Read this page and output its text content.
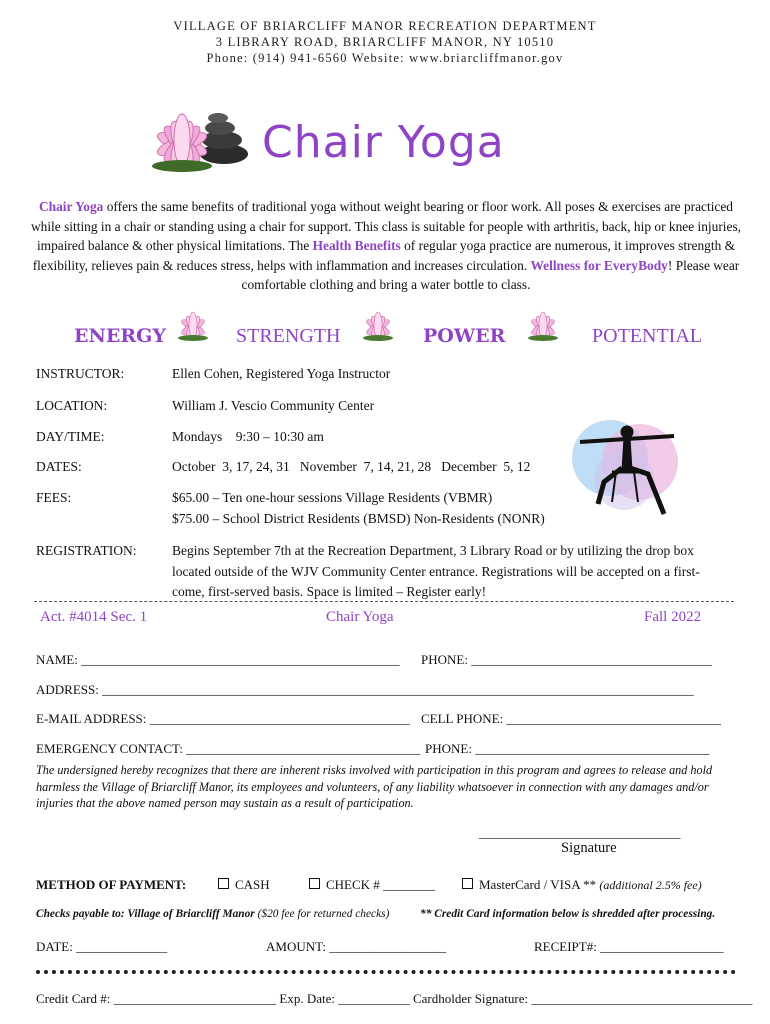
VILLAGE OF BRIARCLIFF MANOR RECREATION DEPARTMENT
3 LIBRARY ROAD, BRIARCLIFF MANOR, NY 10510
Phone: (914) 941-6560 Website: www.briarcliffmanor.gov
Chair Yoga
Chair Yoga offers the same benefits of traditional yoga without weight bearing or floor work. All poses & exercises are practiced while sitting in a chair or standing using a chair for support. This class is suitable for people with arthritis, back, hip or knee injuries, impaired balance & other physical limitations. The Health Benefits of regular yoga practice are numerous, it improves strength & flexibility, relieves pain & reduces stress, helps with inflammation and increases circulation. Wellness for EveryBody! Please wear comfortable clothing and bring a water bottle to class.
ENERGY	STRENGTH	POWER	POTENTIAL
INSTRUCTOR:	Ellen Cohen, Registered Yoga Instructor
LOCATION:	William J. Vescio Community Center
DAY/TIME:	Mondays    9:30 – 10:30 am
DATES:	October  3, 17, 24, 31   November  7, 14, 21, 28   December  5, 12
FEES:	$65.00 – Ten one-hour sessions Village Residents (VBMR)
$75.00 – School District Residents (BMSD) Non-Residents (NONR)
REGISTRATION:	Begins September 7th at the Recreation Department, 3 Library Road or by utilizing the drop box located outside of the WJV Community Center entrance. Registrations will be accepted on a first-come, first-served basis. Space is limited – Register early!
Act. #4014 Sec. 1	Chair Yoga	Fall 2022
NAME: _________________________________________________ PHONE: _____________________________________
ADDRESS: ___________________________________________________________________________________________
E-MAIL ADDRESS: ________________________________________ CELL PHONE: _________________________________
EMERGENCY CONTACT: ____________________________________ PHONE: ____________________________________
The undersigned hereby recognizes that there are inherent risks involved with participation in this program and agrees to release and hold harmless the Village of Briarcliff Manor, its employees and volunteers, of any liability whatsoever in connection with any damages and/or injuries that the above named person may sustain as a result of participation.
_______________________________
Signature
METHOD OF PAYMENT:	CASH	CHECK # ________	MasterCard / VISA ** (additional 2.5% fee)
Checks payable to: Village of Briarcliff Manor ($20 fee for returned checks)	** Credit Card information below is shredded after processing.
DATE: ______________	AMOUNT: __________________	RECEIPT#: ___________________
Credit Card #: _________________________ Exp. Date: ___________ Cardholder Signature: __________________________________
